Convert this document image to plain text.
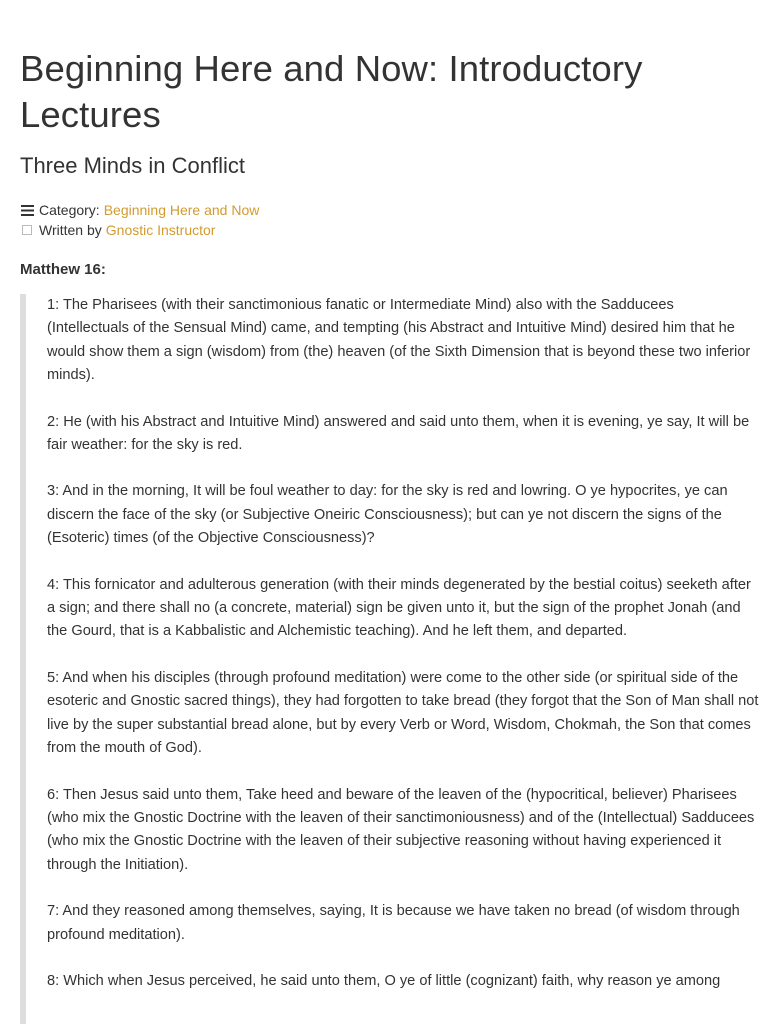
Beginning Here and Now: Introductory Lectures
Three Minds in Conflict
Category: Beginning Here and Now
Written by Gnostic Instructor

Matthew 16:

1: The Pharisees (with their sanctimonious fanatic or Intermediate Mind) also with the Sadducees (Intellectuals of the Sensual Mind) came, and tempting (his Abstract and Intuitive Mind) desired him that he would show them a sign (wisdom) from (the) heaven (of the Sixth Dimension that is beyond these two inferior minds).

2: He (with his Abstract and Intuitive Mind) answered and said unto them, when it is evening, ye say, It will be fair weather: for the sky is red.

3: And in the morning, It will be foul weather to day: for the sky is red and lowring. O ye hypocrites, ye can discern the face of the sky (or Subjective Oneiric Consciousness); but can ye not discern the signs of the (Esoteric) times (of the Objective Consciousness)?

4: This fornicator and adulterous generation (with their minds degenerated by the bestial coitus) seeketh after a sign; and there shall no (a concrete, material) sign be given unto it, but the sign of the prophet Jonah (and the Gourd, that is a Kabbalistic and Alchemistic teaching). And he left them, and departed.

5: And when his disciples (through profound meditation) were come to the other side (or spiritual side of the esoteric and Gnostic sacred things), they had forgotten to take bread (they forgot that the Son of Man shall not live by the super substantial bread alone, but by every Verb or Word, Wisdom, Chokmah, the Son that comes from the mouth of God).

6: Then Jesus said unto them, Take heed and beware of the leaven of the (hypocritical, believer) Pharisees (who mix the Gnostic Doctrine with the leaven of their sanctimoniousness) and of the (Intellectual) Sadducees (who mix the Gnostic Doctrine with the leaven of their subjective reasoning without having experienced it through the Initiation).

7: And they reasoned among themselves, saying, It is because we have taken no bread (of wisdom through profound meditation).

8: Which when Jesus perceived, he said unto them, O ye of little (cognizant) faith, why reason ye among
